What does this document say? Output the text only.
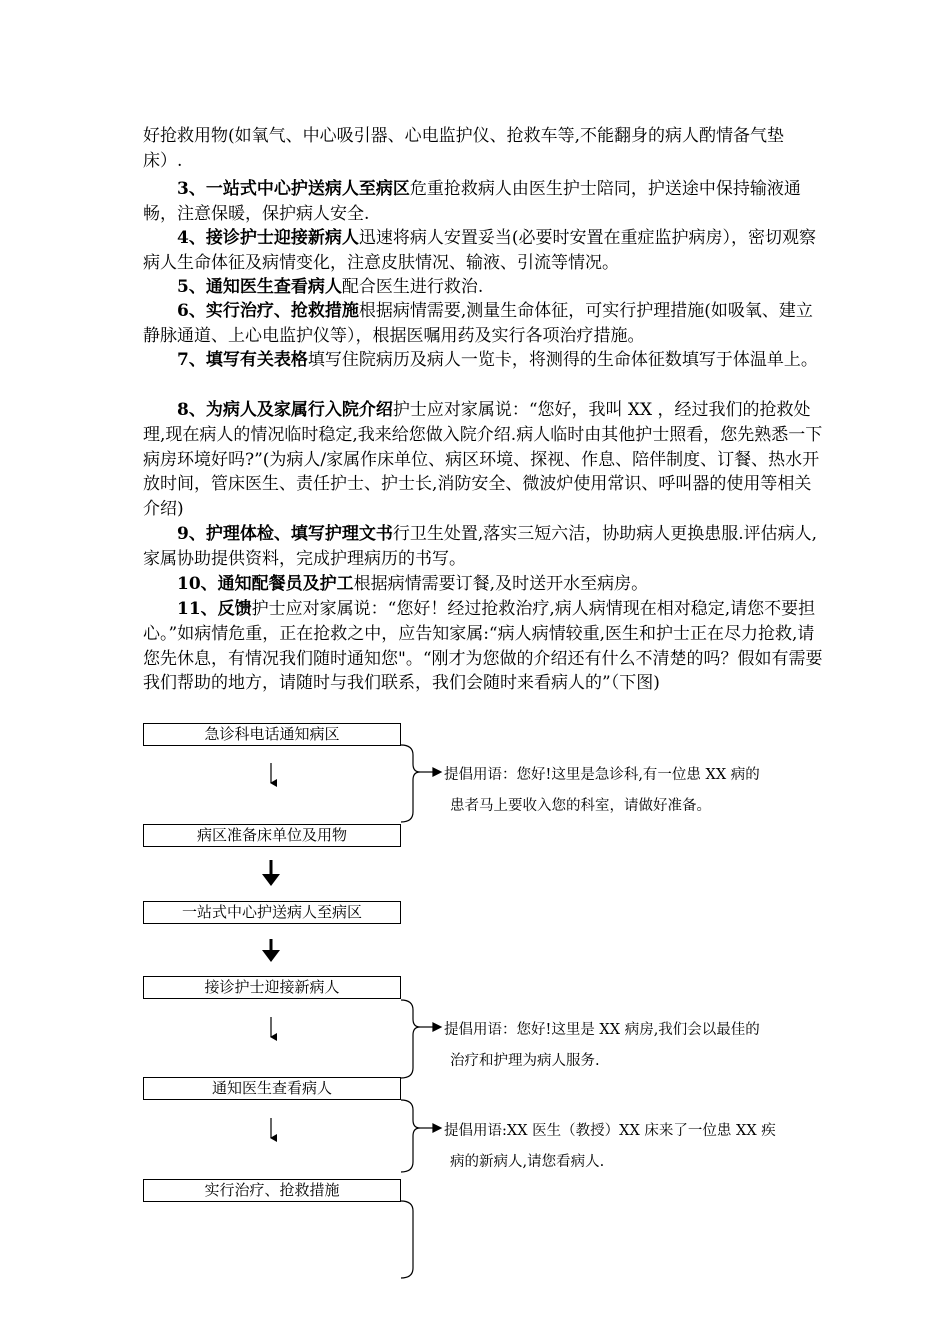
好抢救用物(如氧气、中心吸引器、心电监护仪、抢救车等,不能翻身的病人酌情备气垫床）.

3、一站式中心护送病人至病区危重抢救病人由医生护士陪同，护送途中保持输液通畅，注意保暖，保护病人安全.

4、接诊护士迎接新病人迅速将病人安置妥当(必要时安置在重症监护病房），密切观察病人生命体征及病情变化，注意皮肤情况、输液、引流等情况。

5、通知医生查看病人配合医生进行救治.

6、实行治疗、抢救措施根据病情需要,测量生命体征，可实行护理措施(如吸氧、建立静脉通道、上心电监护仪等），根据医嘱用药及实行各项治疗措施。

7、填写有关表格填写住院病历及病人一览卡，将测得的生命体征数填写于体温单上。

8、为病人及家属行入院介绍护士应对家属说：“您好，我叫 XX ，经过我们的抢救处理,现在病人的情况临时稳定,我来给您做入院介绍.病人临时由其他护士照看，您先熟悉一下病房环境好吗?”(为病人/家属作床单位、病区环境、探视、作息、陪伴制度、订餐、热水开放时间，管床医生、责任护士、护士长,消防安全、微波炉使用常识、呼叫器的使用等相关介绍)

9、护理体检、填写护理文书行卫生处置,落实三短六洁，协助病人更换患服.评估病人,家属协助提供资料，完成护理病历的书写。

10、通知配餐员及护工根据病情需要订餐,及时送开水至病房。

11、反馈护士应对家属说：“您好！经过抢救治疗,病人病情现在相对稳定,请您不要担心。”如病情危重，正在抢救之中，应告知家属:“病人病情较重,医生和护士正在尽力抢救,请您先休息，有情况我们随时通知您"。“刚才为您做的介绍还有什么不清楚的吗？假如有需要我们帮助的地方，请随时与我们联系，我们会随时来看病人的”（下图)

急诊科电话通知病区
病区准备床单位及用物
一站式中心护送病人至病区
接诊护士迎接新病人
通知医生查看病人
实行治疗、抢救措施
提倡用语：您好!这里是急诊科,有一位患 XX 病的
患者马上要收入您的科室，请做好准备。
提倡用语：您好!这里是 XX 病房,我们会以最佳的
治疗和护理为病人服务.
提倡用语:XX 医生（教授）XX 床来了一位患 XX 疾
病的新病人,请您看病人.
